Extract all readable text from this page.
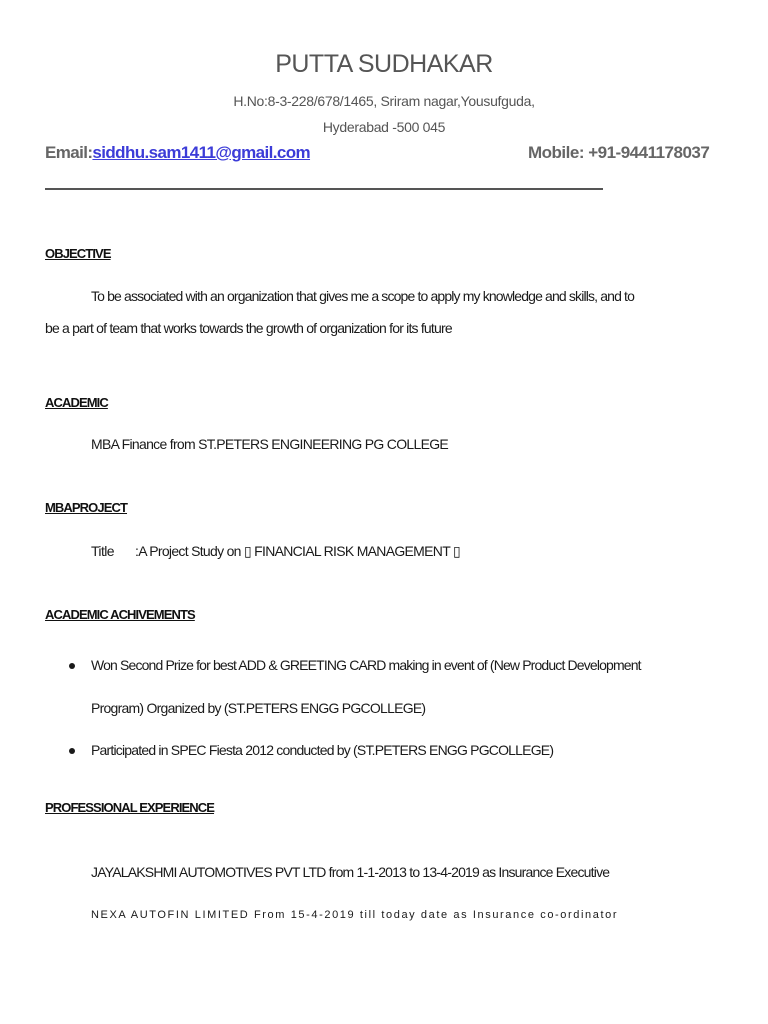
PUTTA SUDHAKAR
H.No:8-3-228/678/1465, Sriram nagar,Yousufguda,
Hyderabad -500 045
Email:siddhu.sam1411@gmail.com	Mobile: +91-9441178037
OBJECTIVE
To be associated with an organization that gives me a scope to apply my knowledge and skills, and to
be a part of team that works towards the growth of organization for its future
ACADEMIC
MBA Finance from ST.PETERS ENGINEERING PG COLLEGE
MBAPROJECT
Title :A Project Study on ▯ FINANCIAL RISK MANAGEMENT ▯
ACADEMIC ACHIVEMENTS
Won Second Prize for best ADD & GREETING CARD making in event of (New Product Development
Program) Organized by (ST.PETERS ENGG PGCOLLEGE)
Participated in SPEC Fiesta 2012 conducted by (ST.PETERS ENGG PGCOLLEGE)
PROFESSIONAL EXPERIENCE
JAYALAKSHMI AUTOMOTIVES PVT LTD from 1-1-2013 to 13-4-2019 as Insurance Executive
NEXA AUTOFIN LIMITED From 15-4-2019 till today date as Insurance co-ordinator
